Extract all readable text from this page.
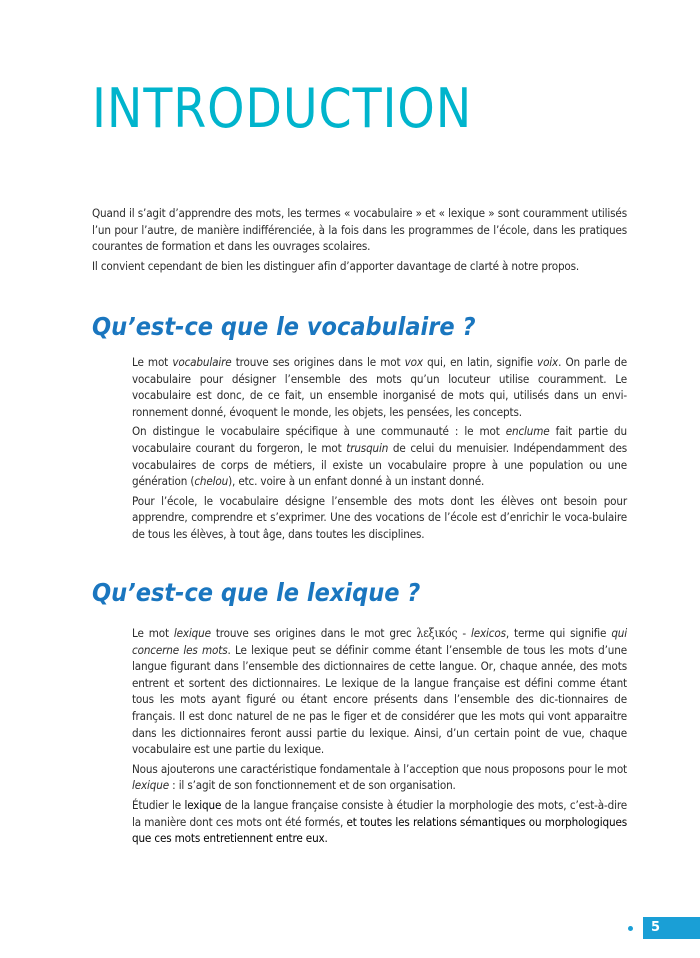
INTRODUCTION

Quand il s’agit d’apprendre des mots, les termes « vocabulaire » et « lexique » sont couramment utilisés l’un pour l’autre, de manière indifférenciée, à la fois dans les programmes de l’école, dans les pratiques courantes de formation et dans les ouvrages scolaires.

Il convient cependant de bien les distinguer afin d’apporter davantage de clarté à notre propos.

Qu’est-ce que le vocabulaire ?

Le mot vocabulaire trouve ses origines dans le mot vox qui, en latin, signifie voix. On parle de vocabulaire pour désigner l’ensemble des mots qu’un locuteur utilise couramment. Le vocabulaire est donc, de ce fait, un ensemble inorganisé de mots qui, utilisés dans un envi-ronnement donné, évoquent le monde, les objets, les pensées, les concepts.

On distingue le vocabulaire spécifique à une communauté : le mot enclume fait partie du vocabulaire courant du forgeron, le mot trusquin de celui du menuisier. Indépendamment des vocabulaires de corps de métiers, il existe un vocabulaire propre à une population ou une génération (chelou), etc. voire à un enfant donné à un instant donné.

Pour l’école, le vocabulaire désigne l’ensemble des mots dont les élèves ont besoin pour apprendre, comprendre et s’exprimer. Une des vocations de l’école est d’enrichir le voca-bulaire de tous les élèves, à tout âge, dans toutes les disciplines.

Qu’est-ce que le lexique ?

Le mot lexique trouve ses origines dans le mot grec λεξικός - lexicos, terme qui signifie qui concerne les mots. Le lexique peut se définir comme étant l’ensemble de tous les mots d’une langue figurant dans l’ensemble des dictionnaires de cette langue. Or, chaque année, des mots entrent et sortent des dictionnaires. Le lexique de la langue française est défini comme étant tous les mots ayant figuré ou étant encore présents dans l’ensemble des dic-tionnaires de français. Il est donc naturel de ne pas le figer et de considérer que les mots qui vont apparaitre dans les dictionnaires feront aussi partie du lexique. Ainsi, d’un certain point de vue, chaque vocabulaire est une partie du lexique.

Nous ajouterons une caractéristique fondamentale à l’acception que nous proposons pour le mot lexique : il s’agit de son fonctionnement et de son organisation.

Étudier le lexique de la langue française consiste à étudier la morphologie des mots, c’est-à-dire la manière dont ces mots ont été formés, et toutes les relations sémantiques ou morphologiques que ces mots entretiennent entre eux.

5
